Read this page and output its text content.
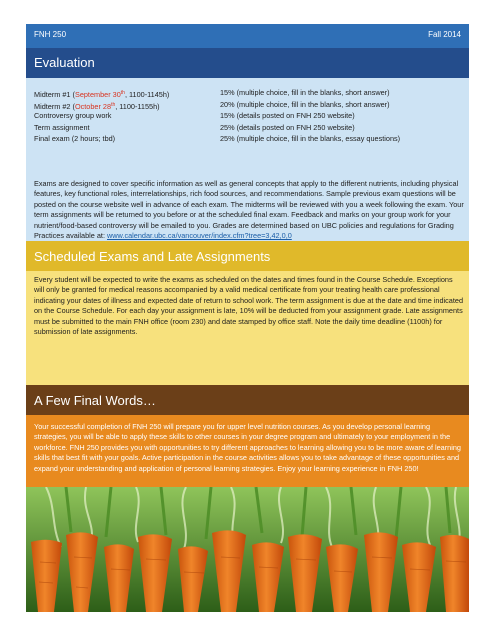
FNH 250	Fall 2014
Evaluation
Midterm #1 (September 30th, 1100-1145h)	15% (multiple choice, fill in the blanks, short answer)
Midterm #2 (October 28th, 1100-1155h)	20% (multiple choice, fill in the blanks, short answer)
Controversy group work	15% (details posted on FNH 250 website)
Term assignment	25% (details posted on FNH 250 website)
Final exam (2 hours; tbd)	25% (multiple choice, fill in the blanks, essay questions)

Exams are designed to cover specific information as well as general concepts that apply to the different nutrients, including physical features, key functional roles, interrelationships, rich food sources, and recommendations. Sample previous exam questions will be posted on the course website well in advance of each exam. The midterms will be reviewed with you a week following the exam. Your term assignments will be returned to you before or at the scheduled final exam. Feedback and marks on your group work for your nutrient/food-based controversy will be emailed to you. Grades are determined based on UBC policies and regulations for Grading Practices available at: www.calendar.ubc.ca/vancouver/index.cfm?tree=3,42,0,0

Scheduled Exams and Late Assignments

Every student will be expected to write the exams as scheduled on the dates and times found in the Course Schedule. Exceptions will only be granted for medical reasons accompanied by a valid medical certificate from your treating health care professional indicating your dates of illness and expected date of return to school work. The term assignment is due at the date and time indicated on the Course Schedule. For each day your assignment is late, 10% will be deducted from your assignment grade. Late assignments must be submitted to the main FNH office (room 230) and date stamped by office staff. Note the daily time deadline (1100h) for submission of late assignments.

A Few Final Words…

Your successful completion of FNH 250 will prepare you for upper level nutrition courses. As you develop personal learning strategies, you will be able to apply these skills to other courses in your degree program and ultimately to your employment in the workforce. FNH 250 provides you with opportunities to try different approaches to learning allowing you to be more aware of learning skills that best fit with your goals. Active participation in the course activities allows you to take advantage of these opportunities and expand your understanding and application of personal learning strategies. Enjoy your learning experience in FNH 250!
